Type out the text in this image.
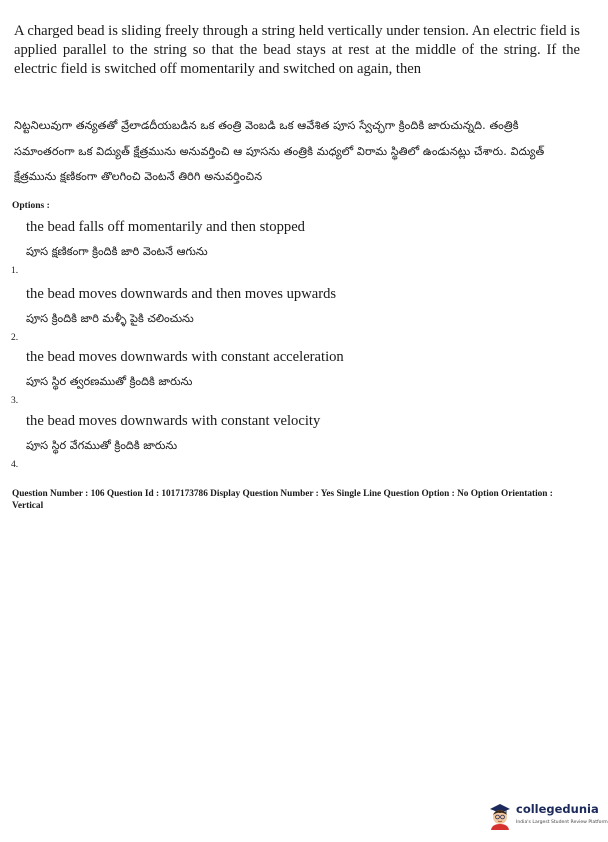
A charged bead is sliding freely through a string held vertically under tension. An electric field is applied parallel to the string so that the bead stays at rest at the middle of the string. If the electric field is switched off momentarily and switched on again, then
నిట్టనిలువుగా తన్యతతో వ్రేలాడదీయబడిన ఒక తంత్రి వెంబడి ఒక ఆవేశిత పూస స్వేచ్ఛగా క్రిందికి జారుచున్నది. తంత్రికి సమాంతరంగా ఒక విద్యుత్ క్షేత్రమును అనువర్తించి ఆ పూసను తంత్రికి మధ్యలో విరామ స్థితిలో ఉండునట్లు చేశారు. విద్యుత్ క్షేత్రమును క్షణికంగా తొలగించి వెంటనే తిరిగి అనువర్తించిన
Options :
the bead falls off momentarily and then stopped
పూస క్షణికంగా క్రిందికి జారి వెంటనే ఆగును
1.
the bead moves downwards and then moves upwards
పూస క్రిందికి జారి మళ్ళీ పైకి చలించును
2.
the bead moves downwards with constant acceleration
పూస స్థిర త్వరణముతో క్రిందికి జారును
3.
the bead moves downwards with constant velocity
పూస స్థిర వేగముతో క్రిందికి జారును
4.
Question Number : 106 Question Id : 1017173786 Display Question Number : Yes Single Line Question Option : No Option Orientation : Vertical
collegedunia
India's Largest Student Review Platform
